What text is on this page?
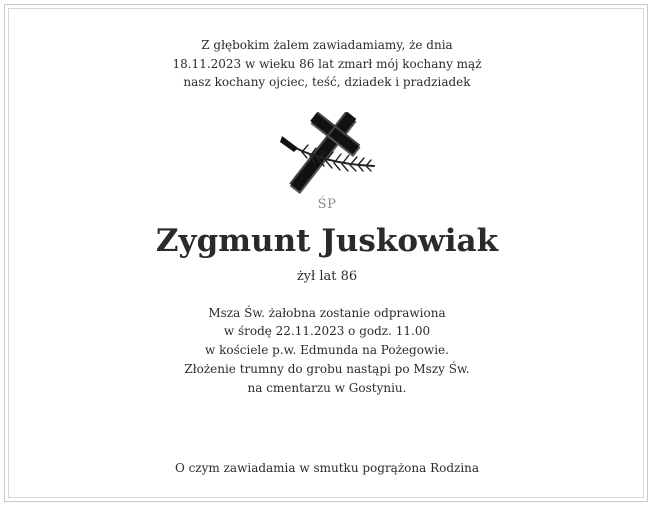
Z głębokim żalem zawiadamiamy, że dnia
18.11.2023 w wieku 86 lat zmarł mój kochany mąż
nasz kochany ojciec, teść, dziadek i pradziadek
ŚP
Zygmunt Juskowiak
żył lat 86
Msza Św. żałobna zostanie odprawiona
w środę 22.11.2023 o godz. 11.00
w kościele p.w. Edmunda na Pożegowie.
Złożenie trumny do grobu nastąpi po Mszy Św.
na cmentarzu w Gostyniu.
O czym zawiadamia w smutku pogrążona Rodzina
